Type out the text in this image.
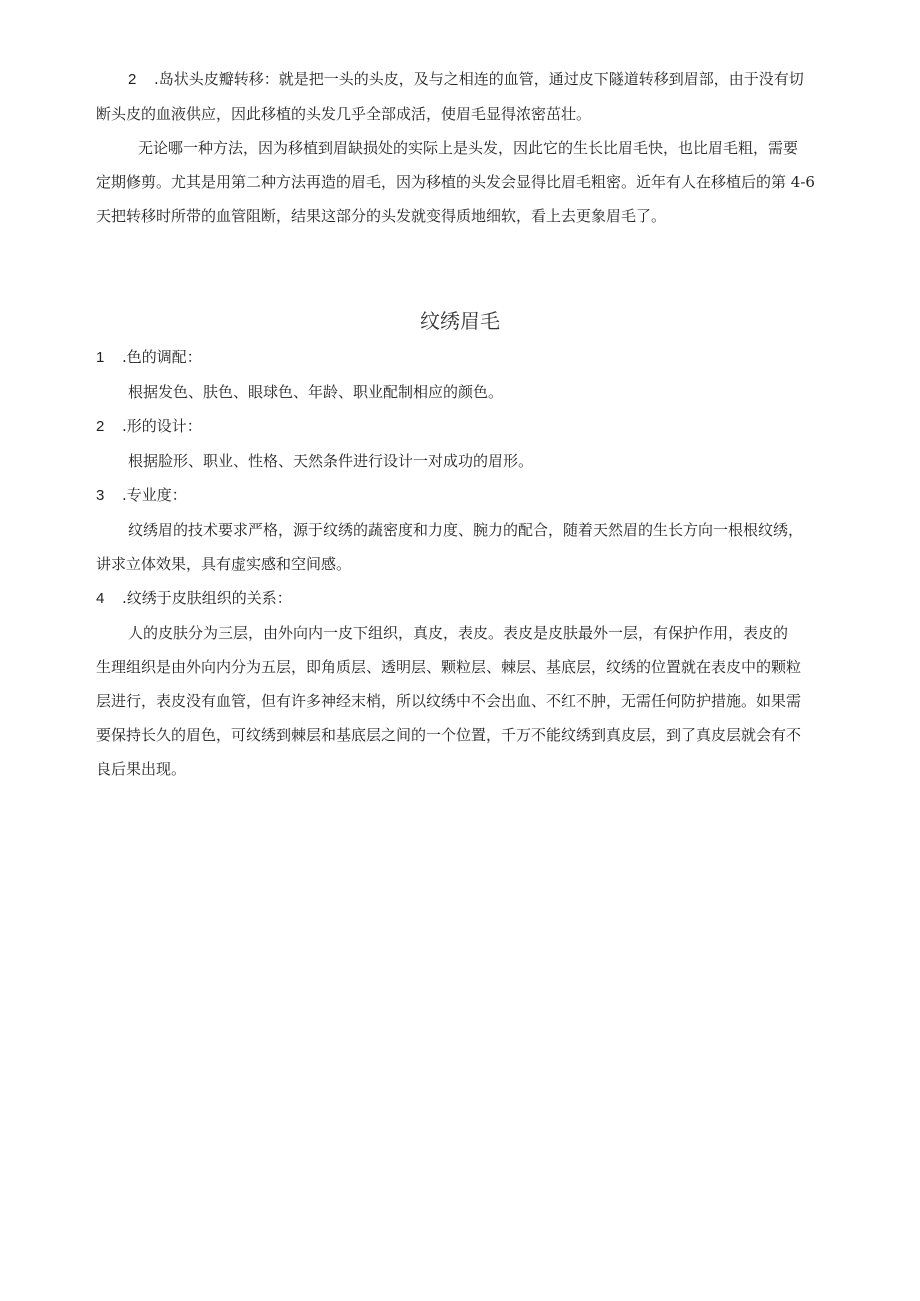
2 .岛状头皮瓣转移：就是把一头的头皮，及与之相连的血管，通过皮下隧道转移到眉部，由于没有切
断头皮的血液供应，因此移植的头发几乎全部成活，使眉毛显得浓密茁壮。
无论哪一种方法，因为移植到眉缺损处的实际上是头发，因此它的生长比眉毛快，也比眉毛粗，需要
定期修剪。尤其是用第二种方法再造的眉毛，因为移植的头发会显得比眉毛粗密。近年有人在移植后的第 4-6
天把转移时所带的血管阻断，结果这部分的头发就变得质地细软，看上去更象眉毛了。
纹绣眉毛
1 .色的调配：
根据发色、肤色、眼球色、年龄、职业配制相应的颜色。
2 .形的设计：
根据脸形、职业、性格、天然条件进行设计一对成功的眉形。
3 .专业度：
纹绣眉的技术要求严格，源于纹绣的蔬密度和力度、腕力的配合，随着天然眉的生长方向一根根纹绣，
讲求立体效果，具有虚实感和空间感。
4 .纹绣于皮肤组织的关系：
人的皮肤分为三层，由外向内一皮下组织，真皮，表皮。表皮是皮肤最外一层，有保护作用，表皮的
生理组织是由外向内分为五层，即角质层、透明层、颗粒层、棘层、基底层，纹绣的位置就在表皮中的颗粒
层进行，表皮没有血管，但有许多神经末梢，所以纹绣中不会出血、不红不肿，无需任何防护措施。如果需
要保持长久的眉色，可纹绣到棘层和基底层之间的一个位置，千万不能纹绣到真皮层，到了真皮层就会有不
良后果出现。
